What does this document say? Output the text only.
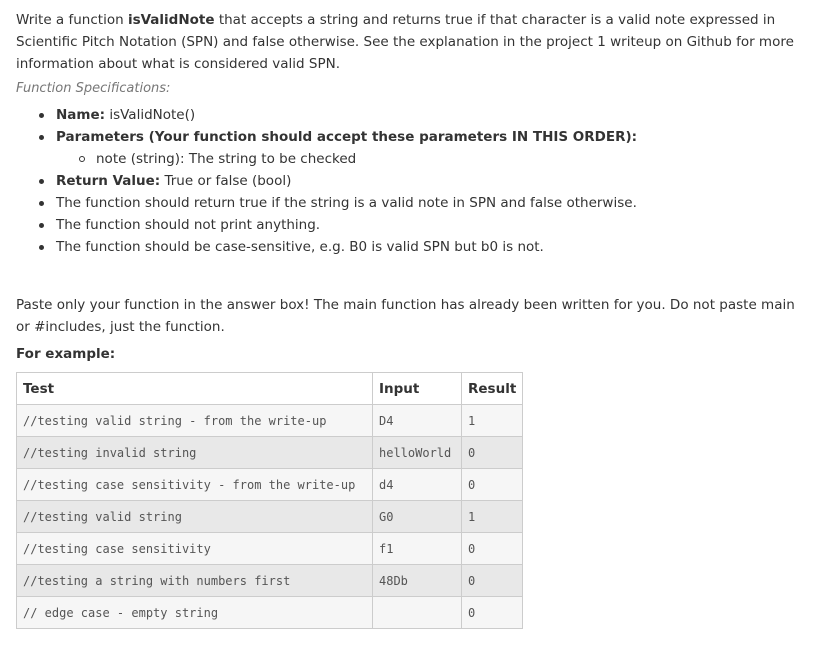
Write a function isValidNote that accepts a string and returns true if that character is a valid note expressed in Scientific Pitch Notation (SPN) and false otherwise. See the explanation in the project 1 writeup on Github for more information about what is considered valid SPN.

Function Specifications:
Name: isValidNote()
Parameters (Your function should accept these parameters IN THIS ORDER):
note (string): The string to be checked
Return Value: True or false (bool)
The function should return true if the string is a valid note in SPN and false otherwise.
The function should not print anything.
The function should be case-sensitive, e.g. B0 is valid SPN but b0 is not.

Paste only your function in the answer box! The main function has already been written for you. Do not paste main or #includes, just the function.

For example:
Test	Input	Result
//testing valid string - from the write-up	D4	1
//testing invalid string	helloWorld	0
//testing case sensitivity - from the write-up	d4	0
//testing valid string	G0	1
//testing case sensitivity	f1	0
//testing a string with numbers first	48Db	0
// edge case - empty string		0
